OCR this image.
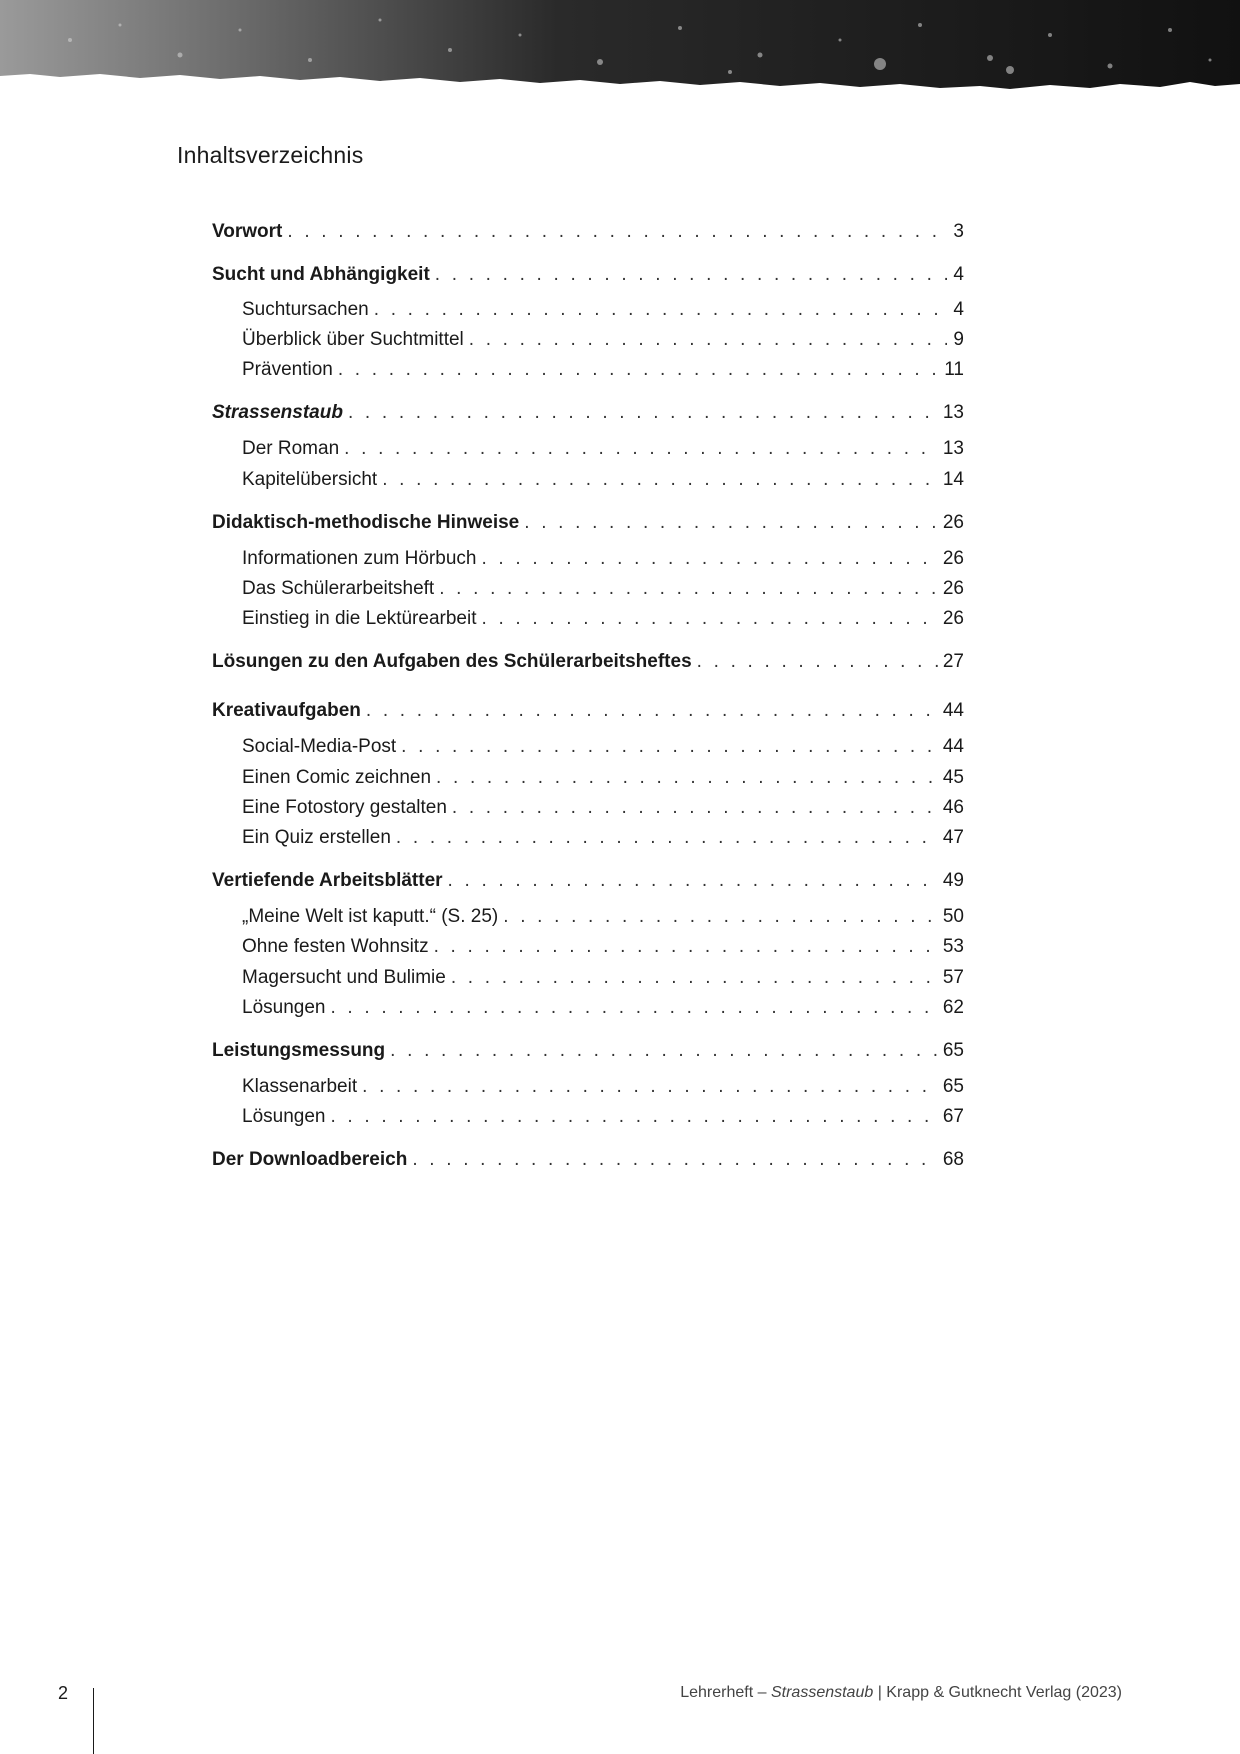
Inhaltsverzeichnis
Vorwort . . .	3
Sucht und Abhängigkeit . . .	4
Suchtursachen . . .	4
Überblick über Suchtmittel . . .	9
Prävention . . .	11
Strassenstaub . . .	13
Der Roman . . .	13
Kapitelübersicht . . .	14
Didaktisch-methodische Hinweise . . .	26
Informationen zum Hörbuch . . .	26
Das Schülerarbeitsheft . . .	26
Einstieg in die Lektürearbeit . . .	26
Lösungen zu den Aufgaben des Schülerarbeitsheftes . . .	27
Kreativaufgaben . . .	44
Social-Media-Post . . .	44
Einen Comic zeichnen . . .	45
Eine Fotostory gestalten . . .	46
Ein Quiz erstellen . . .	47
Vertiefende Arbeitsblätter . . .	49
„Meine Welt ist kaputt.“ (S. 25) . . .	50
Ohne festen Wohnsitz . . .	53
Magersucht und Bulimie . . .	57
Lösungen . . .	62
Leistungsmessung . . .	65
Klassenarbeit . . .	65
Lösungen . . .	67
Der Downloadbereich . . .	68
2	Lehrerheft – Strassenstaub | Krapp & Gutknecht Verlag (2023)
